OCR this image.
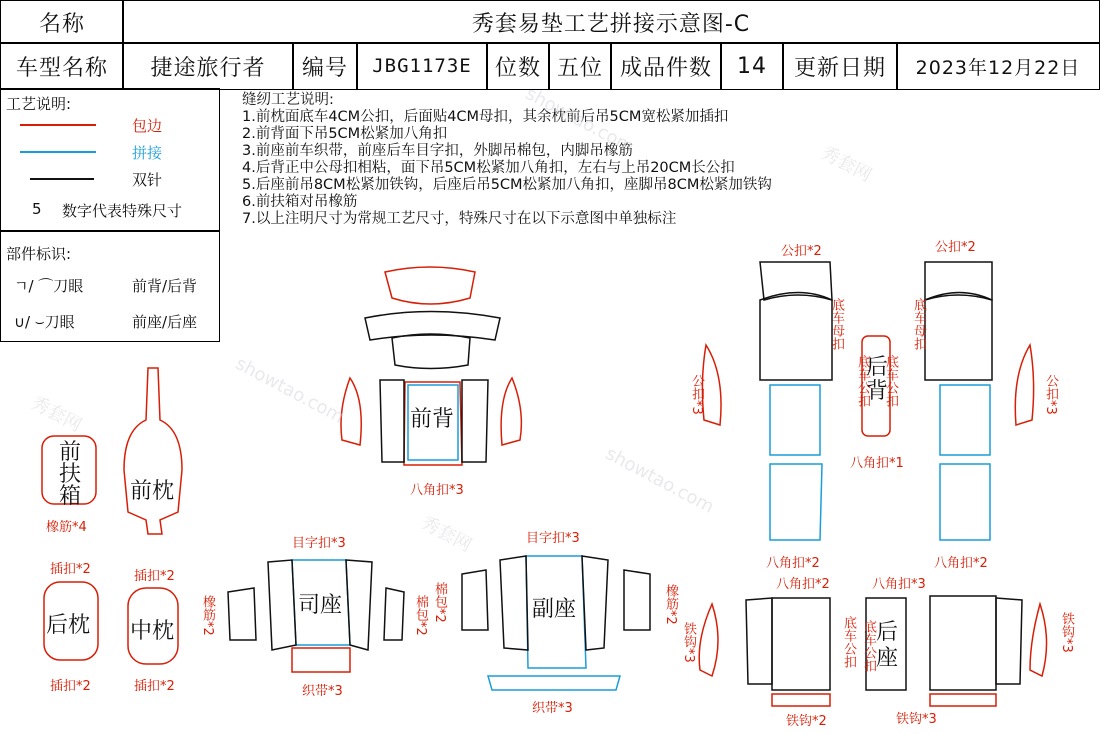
名称	秀套易垫工艺拼接示意图-C
车型名称 捷途旅行者 编号 JBG1173E 位数 五位 成品件数 14 更新日期 2023年12月22日
工艺说明:
包边
拼接
双针
5 数字代表特殊尺寸
部件标识:
ㄱ/ ⌒刀眼	前背/后背
∪/ ⌣刀眼	前座/后座
缝纫工艺说明:
1.前枕面底车4CM公扣，后面贴4CM母扣，其余枕前后吊5CM宽松紧加插扣
2.前背面下吊5CM松紧加八角扣
3.前座前车织带，前座后车目字扣，外脚吊棉包，内脚吊橡筋
4.后背正中公母扣相粘，面下吊5CM松紧加八角扣，左右与上吊20CM长公扣
5.后座前吊8CM松紧加铁钩，后座后吊5CM松紧加八角扣，座脚吊8CM松紧加铁钩
6.前扶箱对吊橡筋
7.以上注明尺寸为常规工艺尺寸，特殊尺寸在以下示意图中单独标注
前背
八角扣*3
前扶箱
橡筋*4
前枕
插扣*2
后枕
插扣*2
插扣*2
中枕
插扣*2
目字扣*3
司座
织带*3
橡筋*2	棉包*2
目字扣*3
副座
织带*3
棉包*2	橡筋*2
公扣*2	公扣*2
公扣*3	公扣*3
底车母扣	底车母扣
底车公扣 底车公扣
后背
八角扣*1
八角扣*2	八角扣*2
八角扣*2	八角扣*3
铁钩*3	铁钩*3
底车公扣 底车公扣 后座
铁钩*2	铁钩*3
showtao.com
showtao.com
showtao.com
秀套网
秀套网
秀套网
